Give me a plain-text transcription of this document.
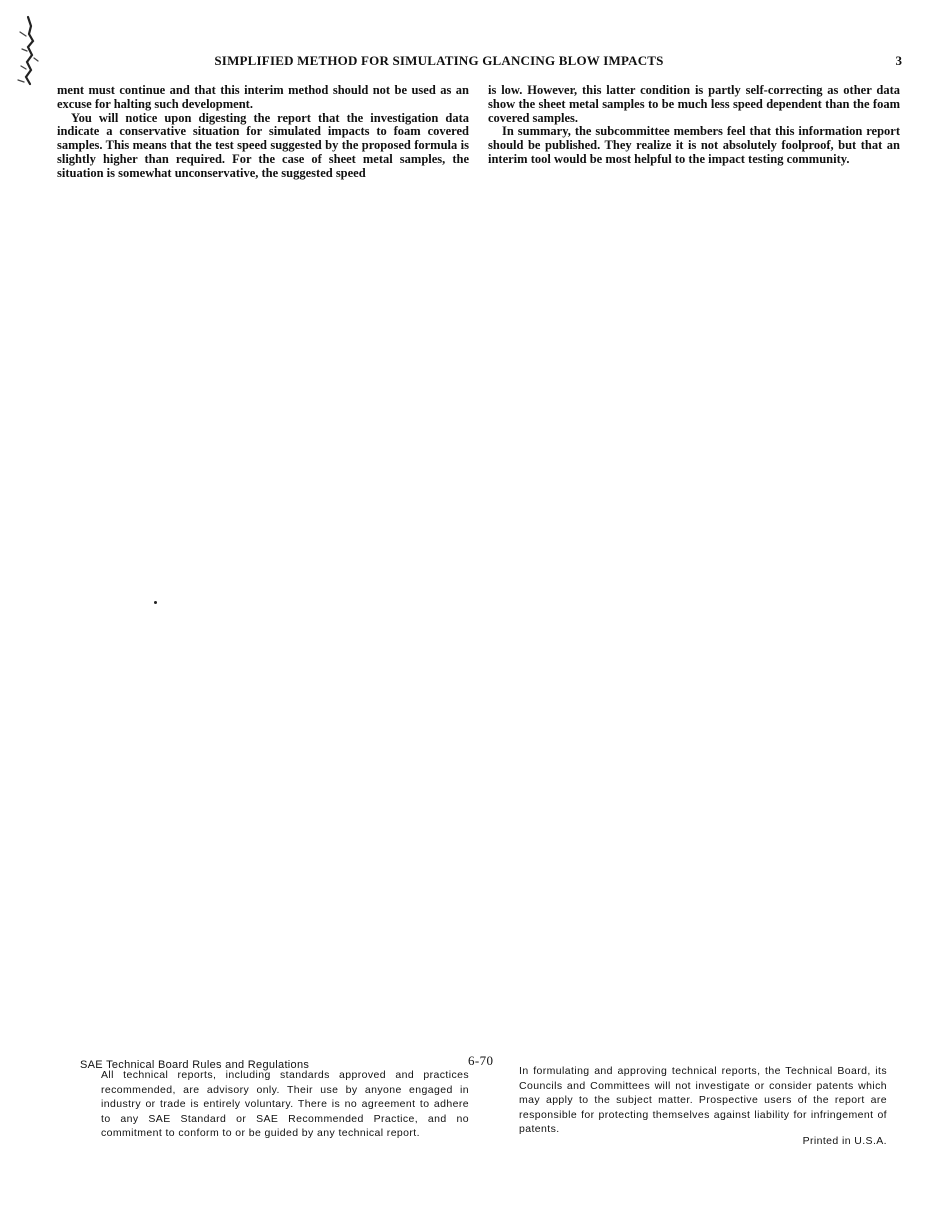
SIMPLIFIED METHOD FOR SIMULATING GLANCING BLOW IMPACTS	3

ment must continue and that this interim method should not be used as an excuse for halting such development.

You will notice upon digesting the report that the investigation data indicate a conservative situation for simulated impacts to foam covered samples. This means that the test speed suggested by the proposed formula is slightly higher than required. For the case of sheet metal samples, the situation is somewhat unconservative, the suggested speed

is low. However, this latter condition is partly self-correcting as other data show the sheet metal samples to be much less speed dependent than the foam covered samples.

In summary, the subcommittee members feel that this information report should be published. They realize it is not absolutely foolproof, but that an interim tool would be most helpful to the impact testing community.

SAE Technical Board Rules and Regulations	6-70
All technical reports, including standards approved and practices recommended, are advisory only. Their use by anyone engaged in industry or trade is entirely voluntary. There is no agreement to adhere to any SAE Standard or SAE Recommended Practice, and no commitment to conform to or be guided by any technical report.
In formulating and approving technical reports, the Technical Board, its Councils and Committees will not investigate or consider patents which may apply to the subject matter. Prospective users of the report are responsible for protecting themselves against liability for infringement of patents.
Printed in U.S.A.
